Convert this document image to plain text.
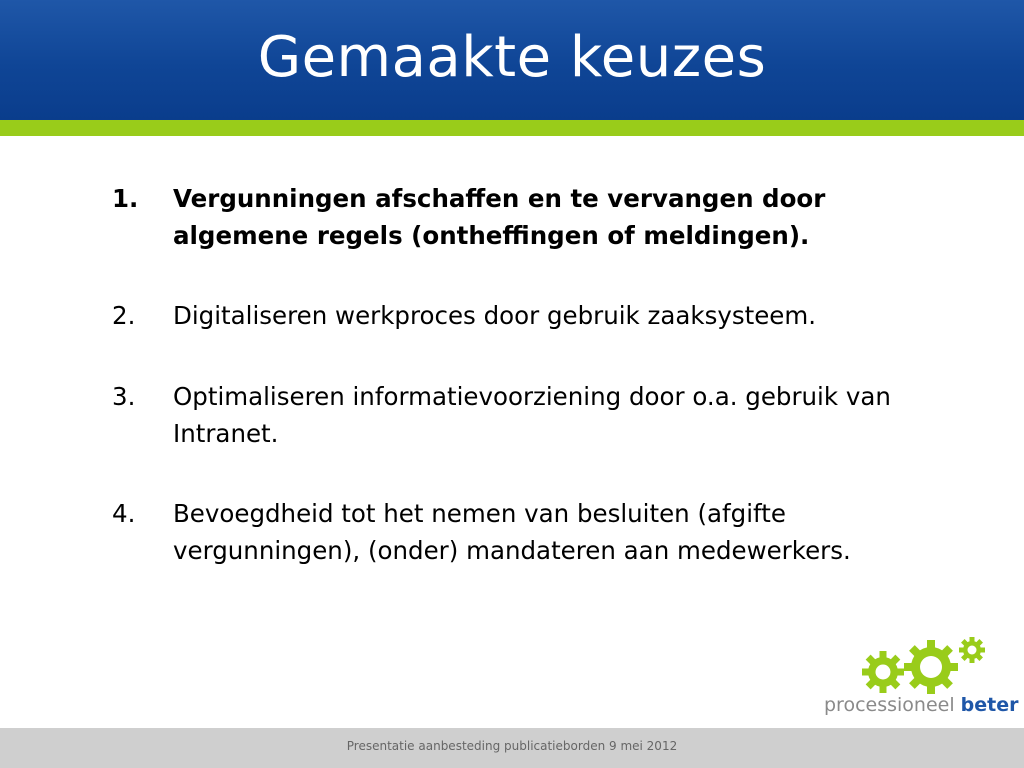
Gemaakte keuzes
1.	Vergunningen afschaffen en te vervangen door algemene regels (ontheffingen of meldingen).
2.	Digitaliseren werkproces door gebruik zaaksysteem.
3.	Optimaliseren informatievoorziening door o.a. gebruik van Intranet.
4.	Bevoegdheid tot het nemen van besluiten (afgifte vergunningen), (onder) mandateren aan medewerkers.
processioneel beter
Presentatie aanbesteding publicatieborden 9 mei 2012
